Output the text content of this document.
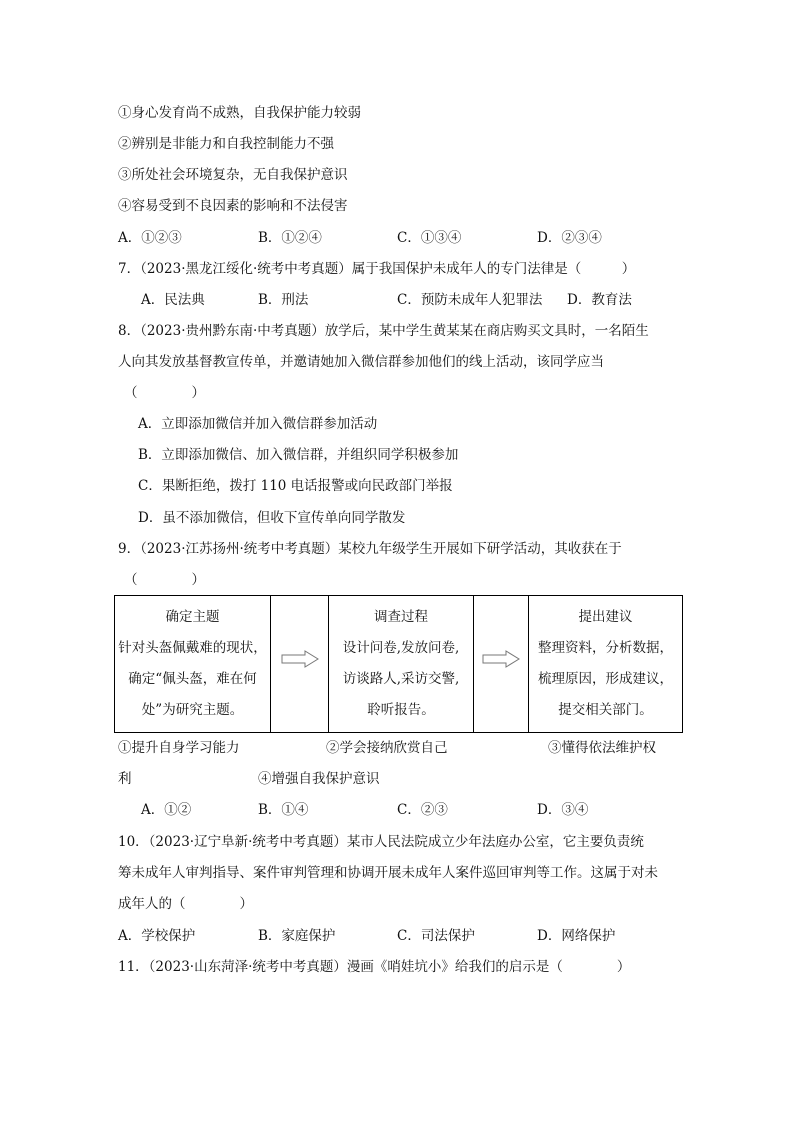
①身心发育尚不成熟，自我保护能力较弱
②辨别是非能力和自我控制能力不强
③所处社会环境复杂，无自我保护意识
④容易受到不良因素的影响和不法侵害
A．①②③	B．①②④	C．①③④	D．②③④
7．（2023·黑龙江绥化·统考中考真题）属于我国保护未成年人的专门法律是（　　　）
A．民法典	B．刑法	C．预防未成年人犯罪法 D．教育法
8．（2023·贵州黔东南·中考真题）放学后，某中学生黄某某在商店购买文具时，一名陌生
人向其发放基督教宣传单，并邀请她加入微信群参加他们的线上活动，该同学应当
（　　　　）
A．立即添加微信并加入微信群参加活动
B．立即添加微信、加入微信群，并组织同学积极参加
C．果断拒绝，拨打 110 电话报警或向民政部门举报
D．虽不添加微信，但收下宣传单向同学散发
9．（2023·江苏扬州·统考中考真题）某校九年级学生开展如下研学活动，其收获在于
（　　　　）
确定主题
针对头盔佩戴难的现状，
确定“佩头盔，难在何
处”为研究主题。

调查过程
设计问卷,发放问卷,
访谈路人,采访交警,
聆听报告。

提出建议
整理资料，分析数据，
梳理原因，形成建议，
提交相关部门。
①提升自身学习能力	②学会接纳欣赏自己	③懂得依法维护权
利	④增强自我保护意识
A．①②	B．①④	C．②③	D．③④
10．（2023·辽宁阜新·统考中考真题）某市人民法院成立少年法庭办公室，它主要负责统
筹未成年人审判指导、案件审判管理和协调开展未成年人案件巡回审判等工作。这属于对未
成年人的（　　　　）
A．学校保护	B．家庭保护	C．司法保护	D．网络保护
11．（2023·山东菏泽·统考中考真题）漫画《哨娃坑小》给我们的启示是（　　　　）
